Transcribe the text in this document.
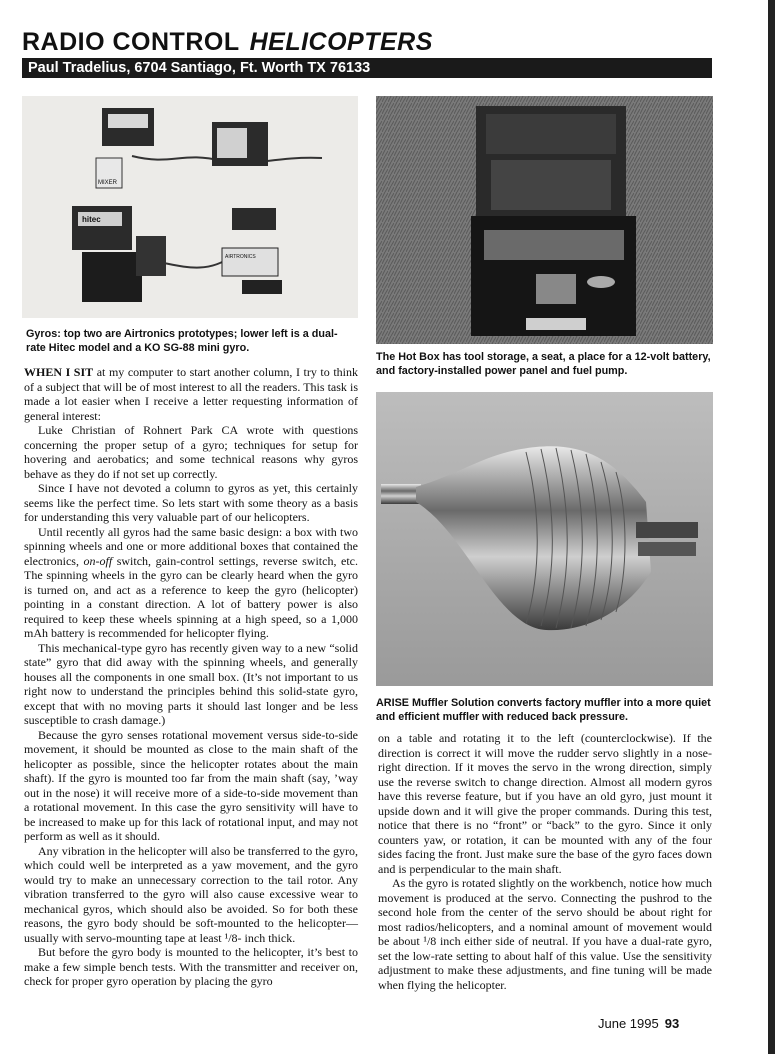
RADIO CONTROL HELICOPTERS
Paul Tradelius, 6704 Santiago, Ft. Worth TX 76133
MIXER
hitec
AIRTRONICS
Gyros: top two are Airtronics prototypes; lower left is a dual-rate Hitec model and a KO SG-88 mini gyro.
The Hot Box has tool storage, a seat, a place for a 12-volt battery, and factory-installed power panel and fuel pump.
ARISE Muffler Solution converts factory muffler into a more quiet and efficient muffler with reduced back pressure.

WHEN I SIT at my computer to start another column, I try to think of a subject that will be of most interest to all the readers. This task is made a lot easier when I receive a letter requesting information of general interest:

Luke Christian of Rohnert Park CA wrote with questions concerning the proper setup of a gyro; techniques for setup for hovering and aerobatics; and some technical reasons why gyros behave as they do if not set up correctly.

Since I have not devoted a column to gyros as yet, this certainly seems like the perfect time. So lets start with some theory as a basis for understanding this very valuable part of our helicopters.

Until recently all gyros had the same basic design: a box with two spinning wheels and one or more additional boxes that contained the electronics, on-off switch, gain-control settings, reverse switch, etc. The spinning wheels in the gyro can be clearly heard when the gyro is turned on, and act as a reference to keep the gyro (helicopter) pointing in a constant direction. A lot of battery power is also required to keep these wheels spinning at a high speed, so a 1,000 mAh battery is recommended for helicopter flying.

This mechanical-type gyro has recently given way to a new “solid state” gyro that did away with the spinning wheels, and generally houses all the components in one small box. (It’s not important to us right now to understand the principles behind this solid-state gyro, except that with no moving parts it should last longer and be less susceptible to crash damage.)

Because the gyro senses rotational movement versus side-to-side movement, it should be mounted as close to the main shaft of the helicopter as possible, since the helicopter rotates about the main shaft). If the gyro is mounted too far from the main shaft (say, ’way out in the nose) it will receive more of a side-to-side movement than a rotational movement. In this case the gyro sensitivity will have to be increased to make up for this lack of rotational input, and may not perform as well as it should.

Any vibration in the helicopter will also be transferred to the gyro, which could well be interpreted as a yaw movement, and the gyro would try to make an unnecessary correction to the tail rotor. Any vibration transferred to the gyro will also cause excessive wear to mechanical gyros, which should also be avoided. So for both these reasons, the gyro body should be soft-mounted to the helicopter—usually with servo-mounting tape at least ¹/8- inch thick.

But before the gyro body is mounted to the helicopter, it’s best to make a few simple bench tests. With the transmitter and receiver on, check for proper gyro operation by placing the gyro

on a table and rotating it to the left (counterclockwise). If the direction is correct it will move the rudder servo slightly in a nose-right direction. If it moves the servo in the wrong direction, simply use the reverse switch to change direction. Almost all modern gyros have this reverse feature, but if you have an old gyro, just mount it upside down and it will give the proper commands. During this test, notice that there is no “front” or “back” to the gyro. Since it only counters yaw, or rotation, it can be mounted with any of the four sides facing the front. Just make sure the base of the gyro faces down and is perpendicular to the main shaft.

As the gyro is rotated slightly on the workbench, notice how much movement is produced at the servo. Connecting the pushrod to the second hole from the center of the servo should be about right for most radios/helicopters, and a nominal amount of movement would be about ¹/8 inch either side of neutral. If you have a dual-rate gyro, set the low-rate setting to about half of this value. Use the sensitivity adjustment to make these adjustments, and fine tuning will be made when flying the helicopter.

June 1995 93
